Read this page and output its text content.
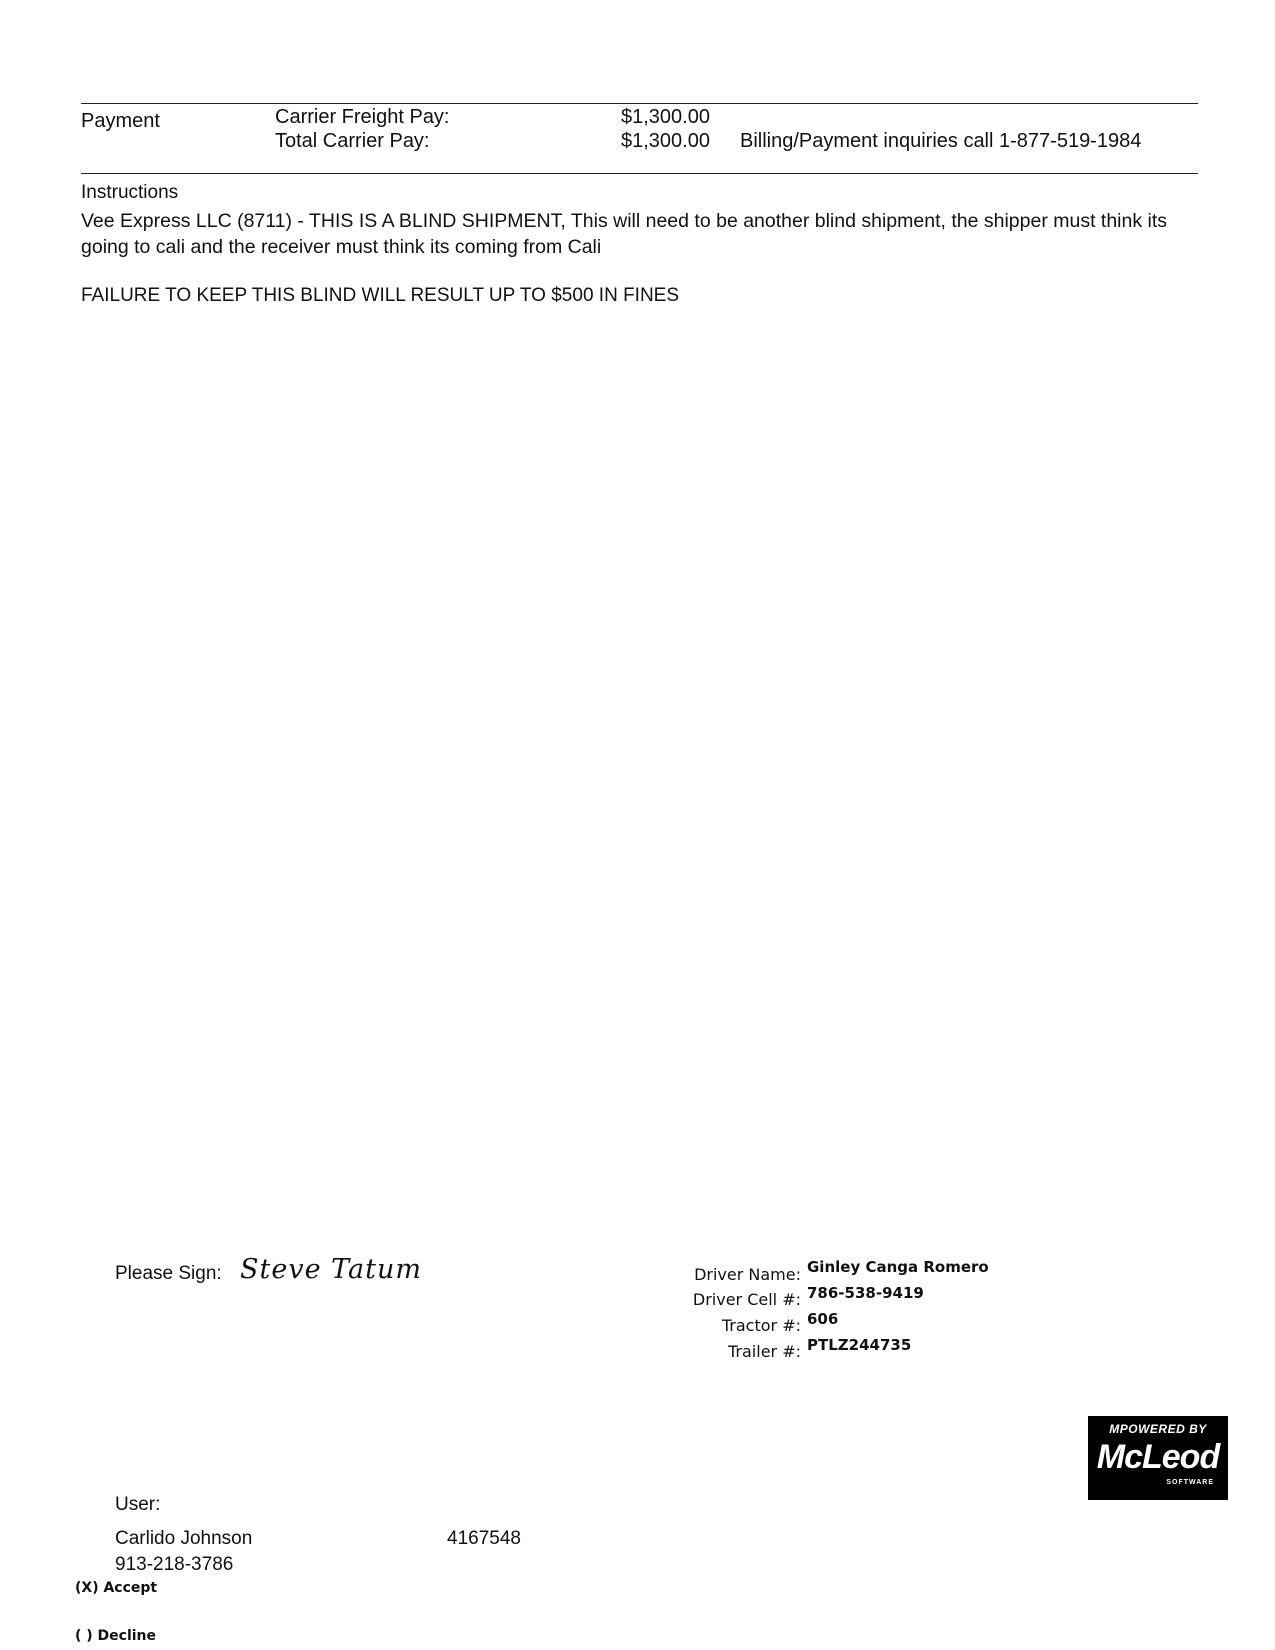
Payment	Carrier Freight Pay:	$1,300.00
Total Carrier Pay:	$1,300.00 Billing/Payment inquiries call 1-877-519-1984
Instructions
Vee Express LLC (8711) - THIS IS A BLIND SHIPMENT, This will need to be another blind shipment, the shipper must think its going to cali and the receiver must think its coming from Cali
FAILURE TO KEEP THIS BLIND WILL RESULT UP TO $500 IN FINES
Please Sign: Steve Tatum	Driver Name: Ginley Canga Romero
Driver Cell #: 786-538-9419
Tractor #: 606
Trailer #: PTLZ244735
MPOWERED BY
McLeod
SOFTWARE
User:
Carlido Johnson	4167548
913-218-3786
(X) Accept
( ) Decline
